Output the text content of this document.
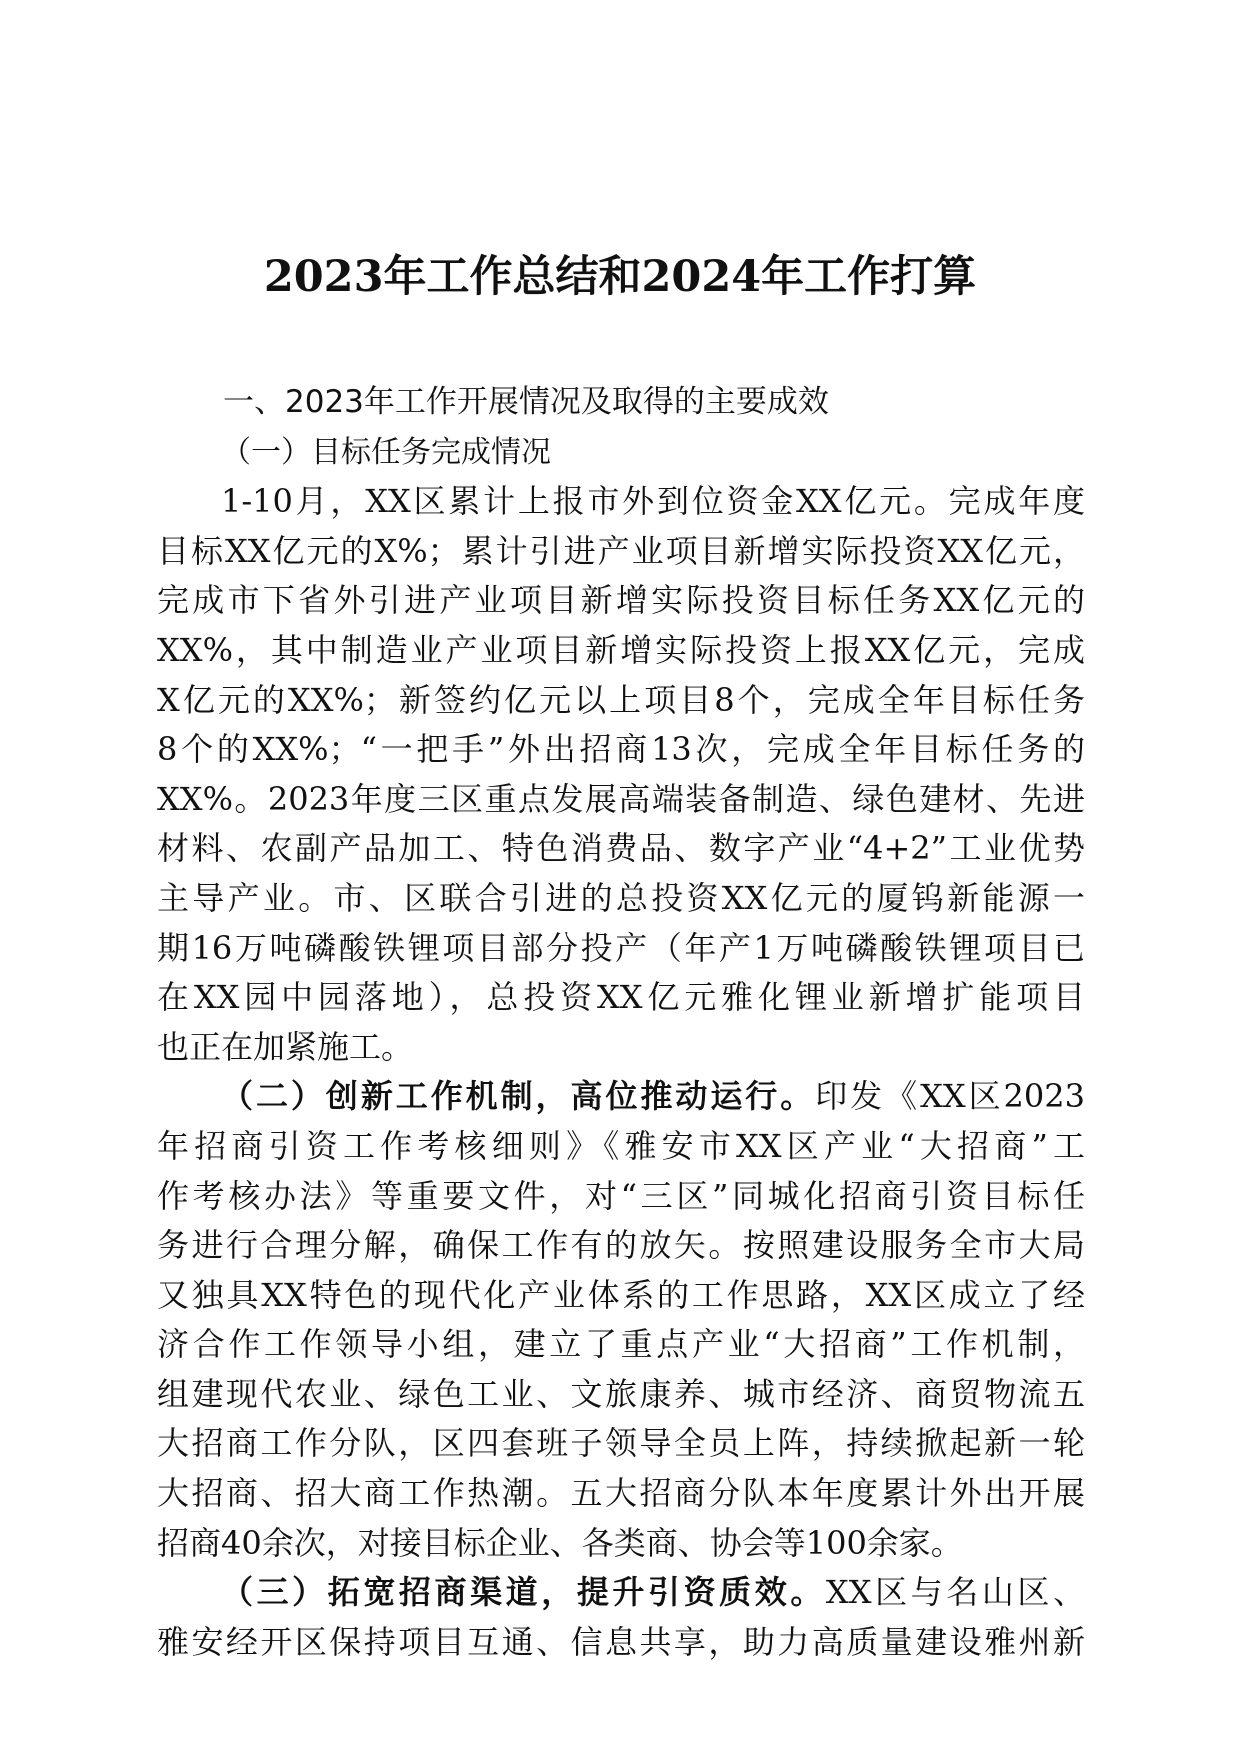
2023年工作总结和2024年工作打算
一、2023年工作开展情况及取得的主要成效
（一）目标任务完成情况
1-10月，XX区累计上报市外到位资金XX亿元。完成年度
目标XX亿元的X%；累计引进产业项目新增实际投资XX亿元，
完成市下省外引进产业项目新增实际投资目标任务XX亿元的
XX%，其中制造业产业项目新增实际投资上报XX亿元，完成
X亿元的XX%；新签约亿元以上项目8个，完成全年目标任务
8个的XX%；“一把手”外出招商13次，完成全年目标任务的
XX%。2023年度三区重点发展高端装备制造、绿色建材、先进
材料、农副产品加工、特色消费品、数字产业“4+2”工业优势
主导产业。市、区联合引进的总投资XX亿元的厦钨新能源一
期16万吨磷酸铁锂项目部分投产（年产1万吨磷酸铁锂项目已
在XX园中园落地），总投资XX亿元雅化锂业新增扩能项目
也正在加紧施工。
（二）创新工作机制，高位推动运行。印发《XX区2023
年招商引资工作考核细则》《雅安市XX区产业“大招商”工
作考核办法》等重要文件，对“三区”同城化招商引资目标任
务进行合理分解，确保工作有的放矢。按照建设服务全市大局
又独具XX特色的现代化产业体系的工作思路，XX区成立了经
济合作工作领导小组，建立了重点产业“大招商”工作机制，
组建现代农业、绿色工业、文旅康养、城市经济、商贸物流五
大招商工作分队，区四套班子领导全员上阵，持续掀起新一轮
大招商、招大商工作热潮。五大招商分队本年度累计外出开展
招商40余次，对接目标企业、各类商、协会等100余家。
（三）拓宽招商渠道，提升引资质效。XX区与名山区、
雅安经开区保持项目互通、信息共享，助力高质量建设雅州新
